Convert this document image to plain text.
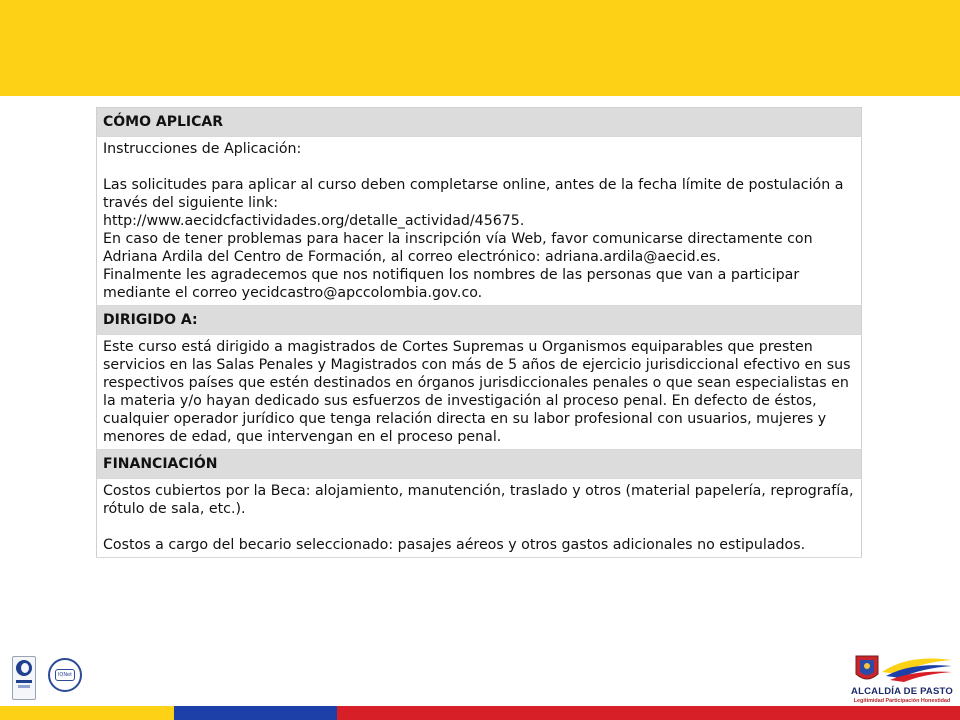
CÓMO APLICAR

Instrucciones de Aplicación:

Las solicitudes para aplicar al curso deben completarse online, antes de la fecha límite de postulación a través del siguiente link:

http://www.aecidcfactividades.org/detalle_actividad/45675.

En caso de tener problemas para hacer la inscripción vía Web, favor comunicarse directamente con Adriana Ardila del Centro de Formación, al correo electrónico: adriana.ardila@aecid.es.

Finalmente les agradecemos que nos notifiquen los nombres de las personas que van a participar mediante el correo yecidcastro@apccolombia.gov.co.

DIRIGIDO A:

Este curso está dirigido a magistrados de Cortes Supremas u Organismos equiparables que presten servicios en las Salas Penales y Magistrados con más de 5 años de ejercicio jurisdiccional efectivo en sus respectivos países que estén destinados en órganos jurisdiccionales penales o que sean especialistas en la materia y/o hayan dedicado sus esfuerzos de investigación al proceso penal. En defecto de éstos, cualquier operador jurídico que tenga relación directa en su labor profesional con usuarios, mujeres y menores de edad, que intervengan en el proceso penal.

FINANCIACIÓN

Costos cubiertos por la Beca: alojamiento, manutención, traslado y otros (material papelería, reprografía, rótulo de sala, etc.).

Costos a cargo del becario seleccionado: pasajes aéreos y otros gastos adicionales no estipulados.

IQNet
ALCALDÍA DE PASTO
Legitimidad Participación Honestidad
